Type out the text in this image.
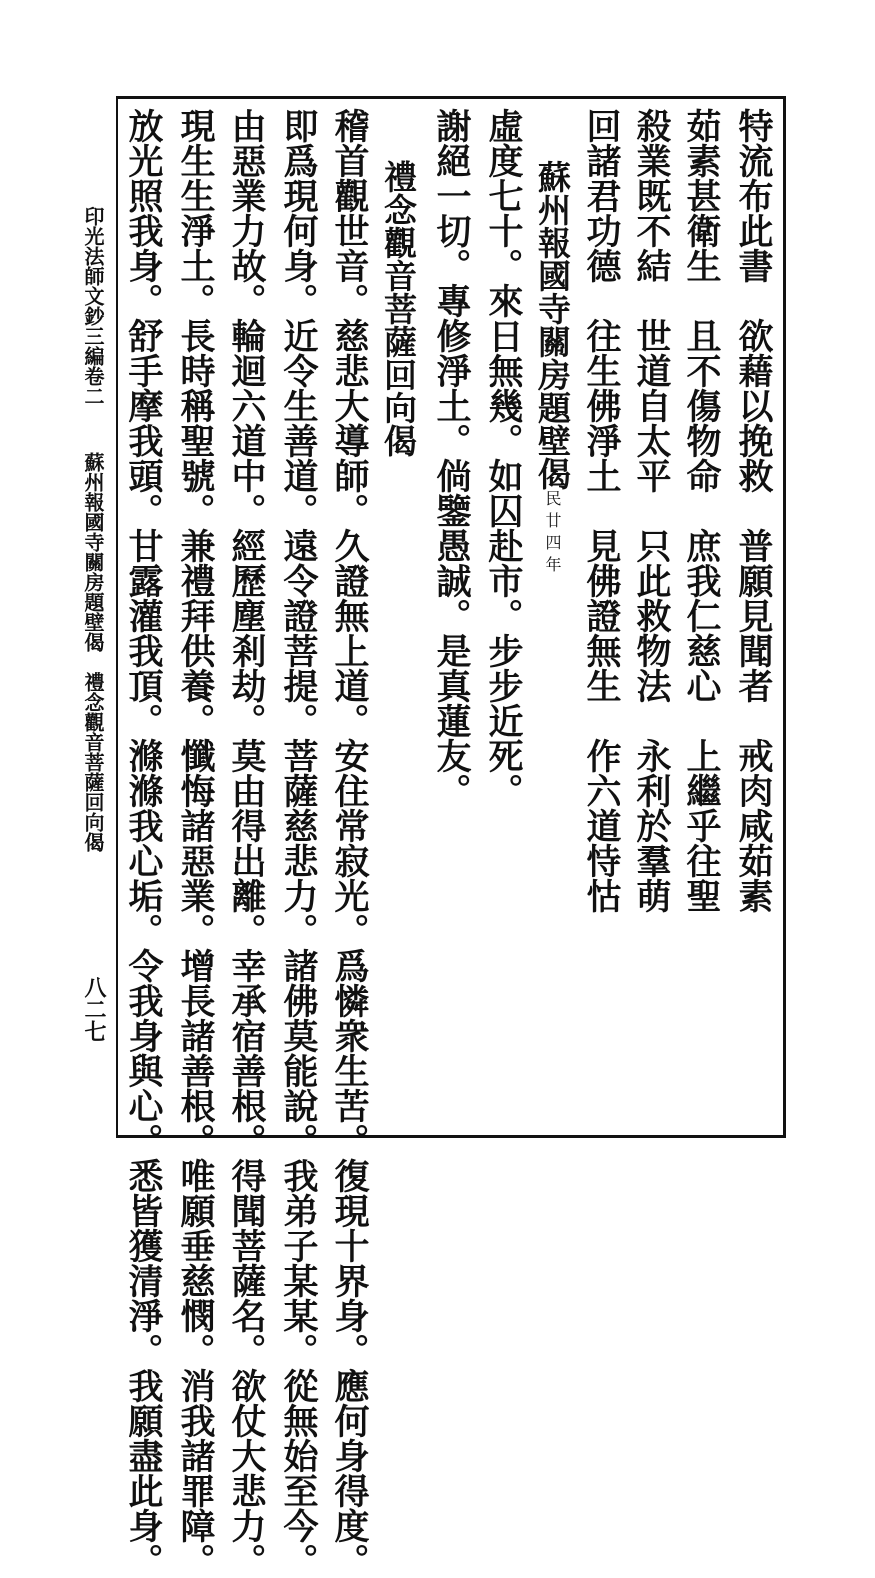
特流布此書　欲藉以挽救　普願見聞者　戒肉咸茹素
茹素甚衛生　且不傷物命　庶我仁慈心　上繼乎往聖
殺業既不結　世道自太平　只此救物法　永利於羣萌
回諸君功德　往生佛淨土　見佛證無生　作六道恃怙
蘇州報國寺關房題壁偈民廿四年
虛度七十。來日無幾。如囚赴市。步步近死。
謝絕一切。專修淨土。倘鑒愚誠。是真蓮友。
禮念觀音菩薩回向偈
稽首觀世音。慈悲大導師。久證無上道。安住常寂光。爲憐衆生苦。復現十界身。應何身得度。
即爲現何身。近令生善道。遠令證菩提。菩薩慈悲力。諸佛莫能說。我弟子某某。從無始至今。
由惡業力故。輪迴六道中。經歷塵剎劫。莫由得出離。幸承宿善根。得聞菩薩名。欲仗大悲力。
現生生淨土。長時稱聖號。兼禮拜供養。懺悔諸惡業。增長諸善根。唯願垂慈憫。消我諸罪障。
放光照我身。舒手摩我頭。甘露灌我頂。滌滌我心垢。令我身與心。悉皆獲清淨。我願盡此身。
印光法師文鈔三編卷二
蘇州報國寺關房題壁偈　禮念觀音菩薩回向偈
八二七
